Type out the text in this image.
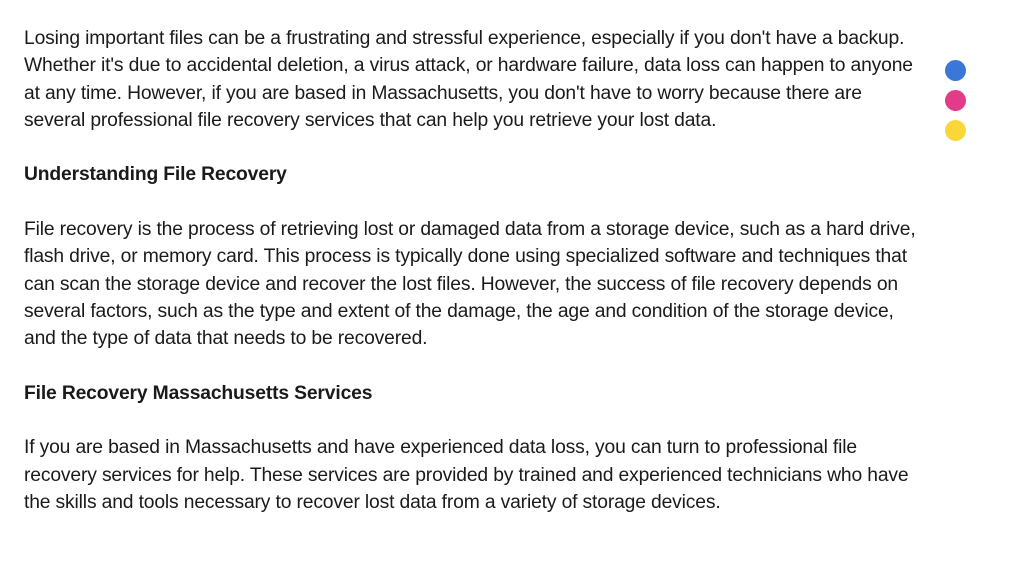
Losing important files can be a frustrating and stressful experience, especially if you don't have a backup.
Whether it's due to accidental deletion, a virus attack, or hardware failure, data loss can happen to anyone
at any time. However, if you are based in Massachusetts, you don't have to worry because there are
several professional file recovery services that can help you retrieve your lost data.

Understanding File Recovery

File recovery is the process of retrieving lost or damaged data from a storage device, such as a hard drive,
flash drive, or memory card. This process is typically done using specialized software and techniques that
can scan the storage device and recover the lost files. However, the success of file recovery depends on
several factors, such as the type and extent of the damage, the age and condition of the storage device,
and the type of data that needs to be recovered.

File Recovery Massachusetts Services

If you are based in Massachusetts and have experienced data loss, you can turn to professional file
recovery services for help. These services are provided by trained and experienced technicians who have
the skills and tools necessary to recover lost data from a variety of storage devices.
